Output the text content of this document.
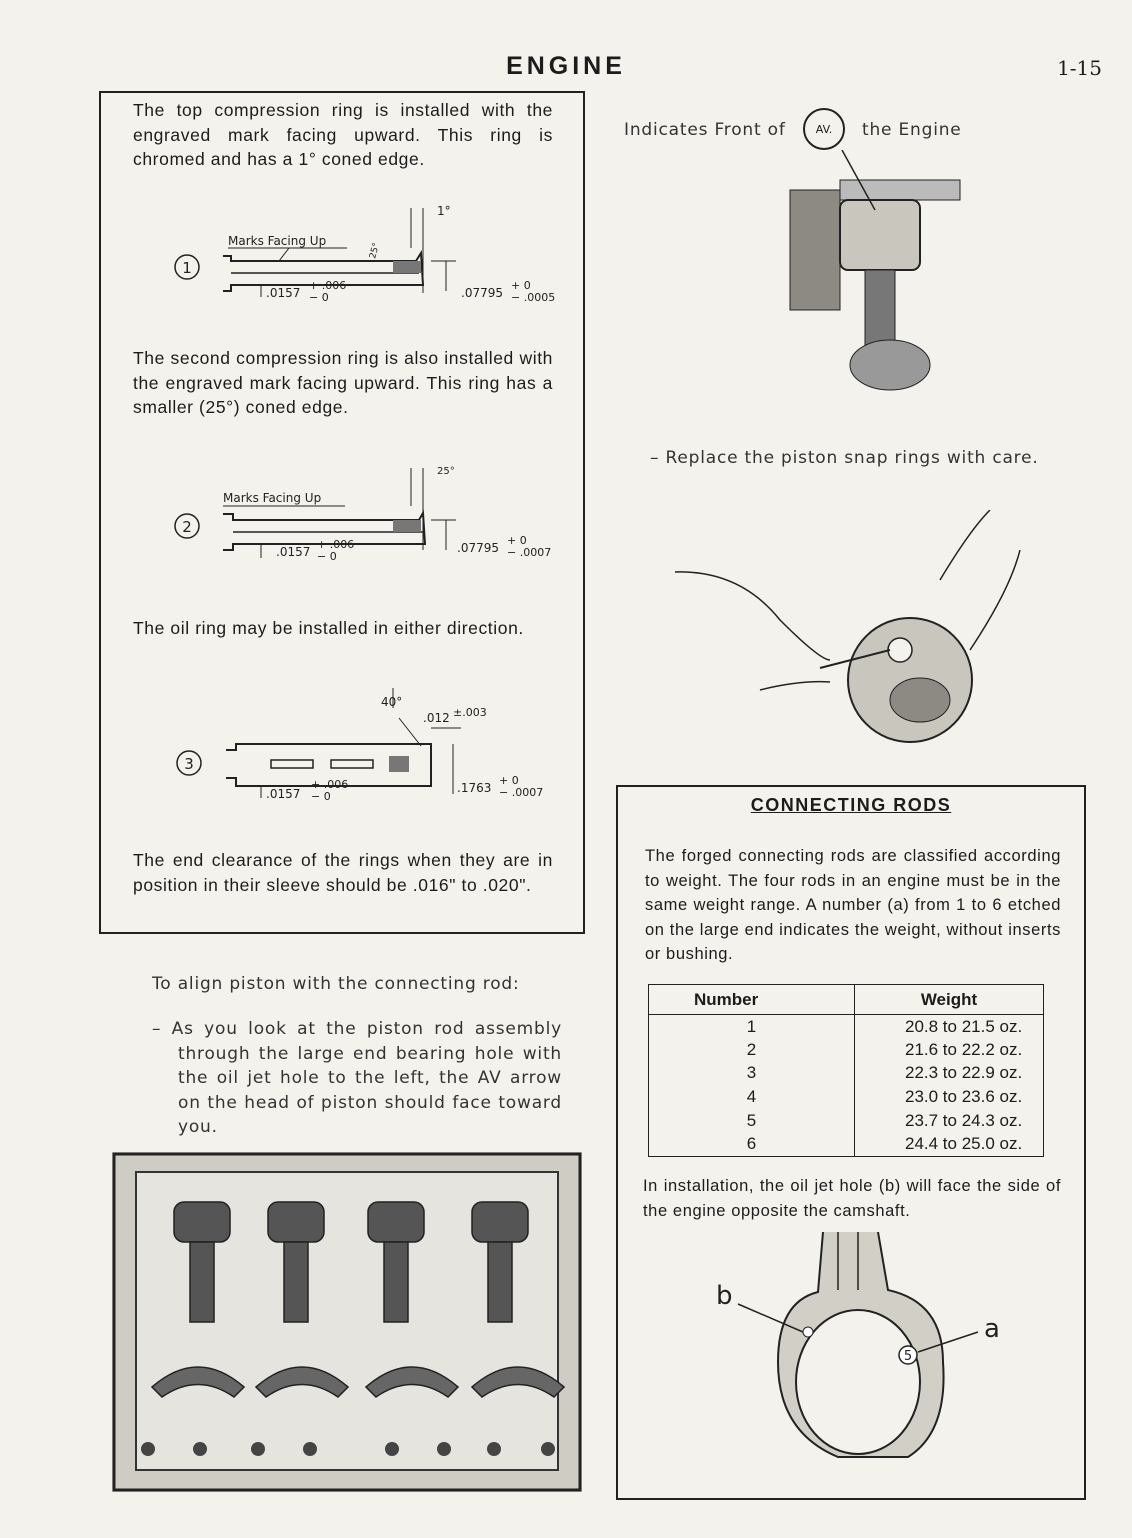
ENGINE	1-15
The top compression ring is installed with the engraved mark facing upward. This ring is chromed and has a 1° coned edge.
1
Marks Facing Up
1°
25°
.0157
+ .006
− 0	.07795
+ 0
− .0005
The second compression ring is also installed with the engraved mark facing upward. This ring has a smaller (25°) coned edge.
2
Marks Facing Up
25°
.0157
+ .006
− 0
.07795
+ 0
− .0007
The oil ring may be installed in either direction.
3
40°
.012 ±.003
.0157
+ .006
− 0
.1763
+ 0
− .0007
The end clearance of the rings when they are in position in their sleeve should be .016" to .020".
To align piston with the connecting rod:
– As you look at the piston rod assembly through the large end bearing hole with the oil jet hole to the left, the AV arrow on the head of piston should face toward you.
Indicates Front of	AV.	the Engine
– Replace the piston snap rings with care.
CONNECTING RODS
The forged connecting rods are classified according to weight. The four rods in an engine must be in the same weight range. A number (a) from 1 to 6 etched on the large end indicates the weight, without inserts or bushing.
Number	Weight
1	20.8 to 21.5 oz.
2	21.6 to 22.2 oz.
3	22.3 to 22.9 oz.
4	23.0 to 23.6 oz.
5	23.7 to 24.3 oz.
6	24.4 to 25.0 oz.
In installation, the oil jet hole (b) will face the side of the engine opposite the camshaft.
b
5
a
